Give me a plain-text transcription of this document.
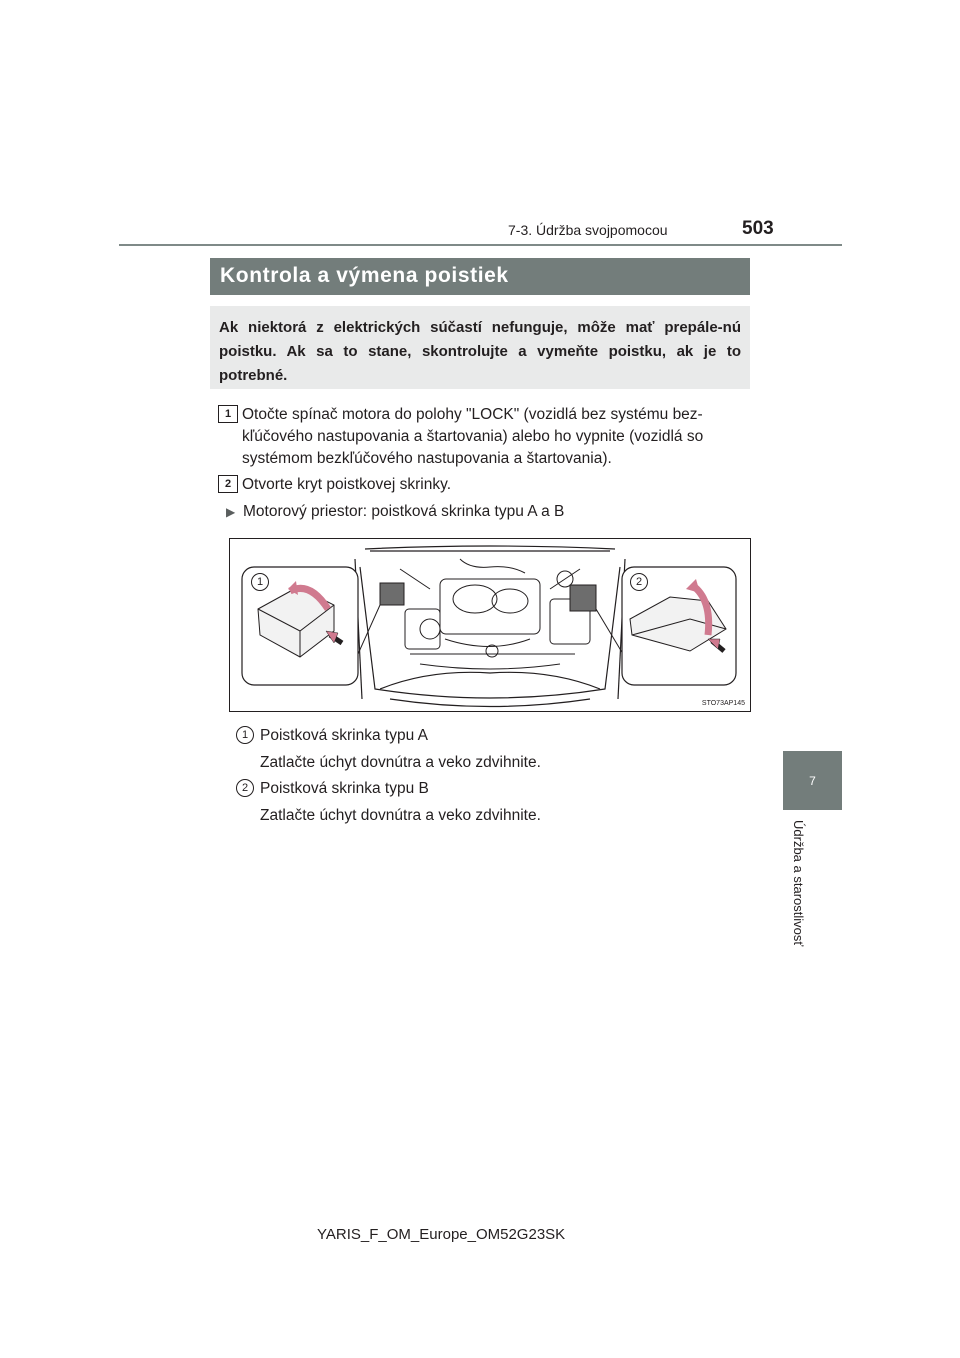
7-3. Údržba svojpomocou	503
7
Údržba a starostlivosť
Kontrola a výmena poistiek
Ak niektorá z elektrických súčastí nefunguje, môže mať prepále-nú poistku. Ak sa to stane, skontrolujte a vymeňte poistku, ak je to potrebné.
1 Otočte spínač motora do polohy "LOCK" (vozidlá bez systému bez-
kľúčového nastupovania a štartovania) alebo ho vypnite (vozidlá so
systémom bezkľúčového nastupovania a štartovania).
2 Otvorte kryt poistkovej skrinky.
▶ Motorový priestor: poistková skrinka typu A a B
1	2
STO73AP145
1 Poistková skrinka typu A
Zatlačte úchyt dovnútra a veko zdvihnite.
2 Poistková skrinka typu B
Zatlačte úchyt dovnútra a veko zdvihnite.
YARIS_F_OM_Europe_OM52G23SK
